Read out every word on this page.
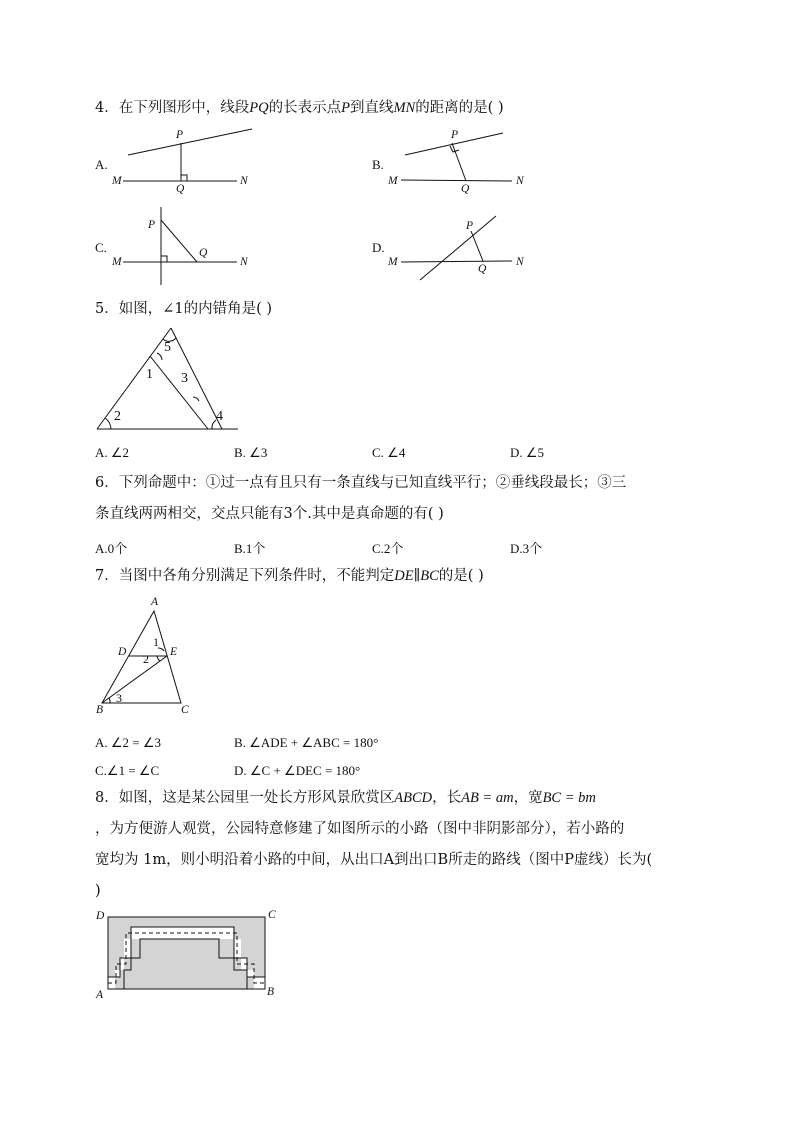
4．在下列图形中，线段PQ的长表示点P到直线MN的距离的是( )
A.
P
M
Q
N
B.
P
M
Q
N
C.
P
M
Q
N
D.
P
M
Q
N
5．如图，∠1的内错角是( )
5
1 3
2	4
A. ∠2	B. ∠3	C. ∠4	D. ∠5
6．下列命题中：①过一点有且只有一条直线与已知直线平行；②垂线段最长；③三
条直线两两相交，交点只能有3个.其中是真命题的有( )
A.0个	B.1个	C.2个	D.3个
7．当图中各角分别满足下列条件时，不能判定DE∥BC的是( )
A
D	E
B	C
1
2
3
A. ∠2 = ∠3	B. ∠ADE + ∠ABC = 180°
C.∠1 = ∠C	D. ∠C + ∠DEC = 180°
8．如图，这是某公园里一处长方形风景欣赏区ABCD，长AB = am，宽BC = bm
，为方便游人观赏，公园特意修建了如图所示的小路（图中非阴影部分），若小路的
宽均为 1m，则小明沿着小路的中间，从出口A到出口B所走的路线（图中P虚线）长为(
)
D	C
A	B
